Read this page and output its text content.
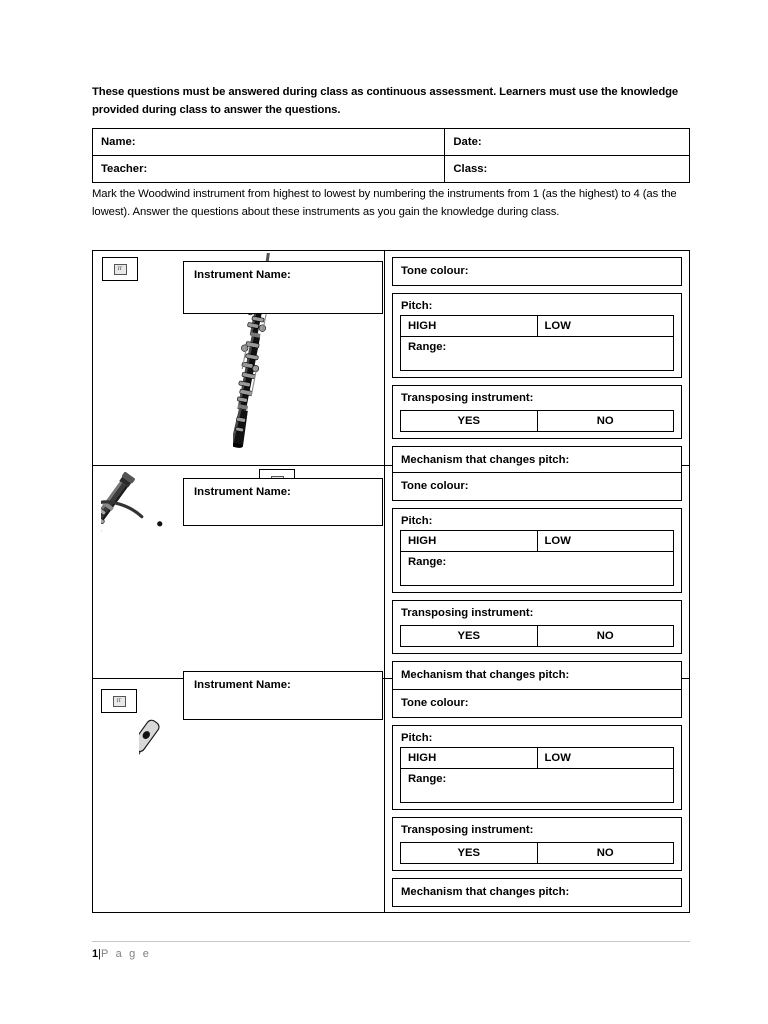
These questions must be answered during class as continuous assessment. Learners must use the knowledge provided during class to answer the questions.
Name:	Date:
Teacher:	Class:
Mark the Woodwind instrument from highest to lowest by numbering the instruments from 1 (as the highest) to 4 (as the lowest). Answer the questions about these instruments as you gain the knowledge during class.
IT	Instrument Name:	Tone colour:
Pitch:
HIGH	LOW
Range:
Transposing instrument:
YES	NO
Mechanism that changes pitch:
Instrument Name:	Tone colour:
Pitch:
HIGH	LOW
Range:
Transposing instrument:
YES	NO
Mechanism that changes pitch:
IT
Instrument Name:
Tone colour:
Pitch:
HIGH	LOW
Range:
Transposing instrument:
YES	NO
Mechanism that changes pitch:
1|P a g e
